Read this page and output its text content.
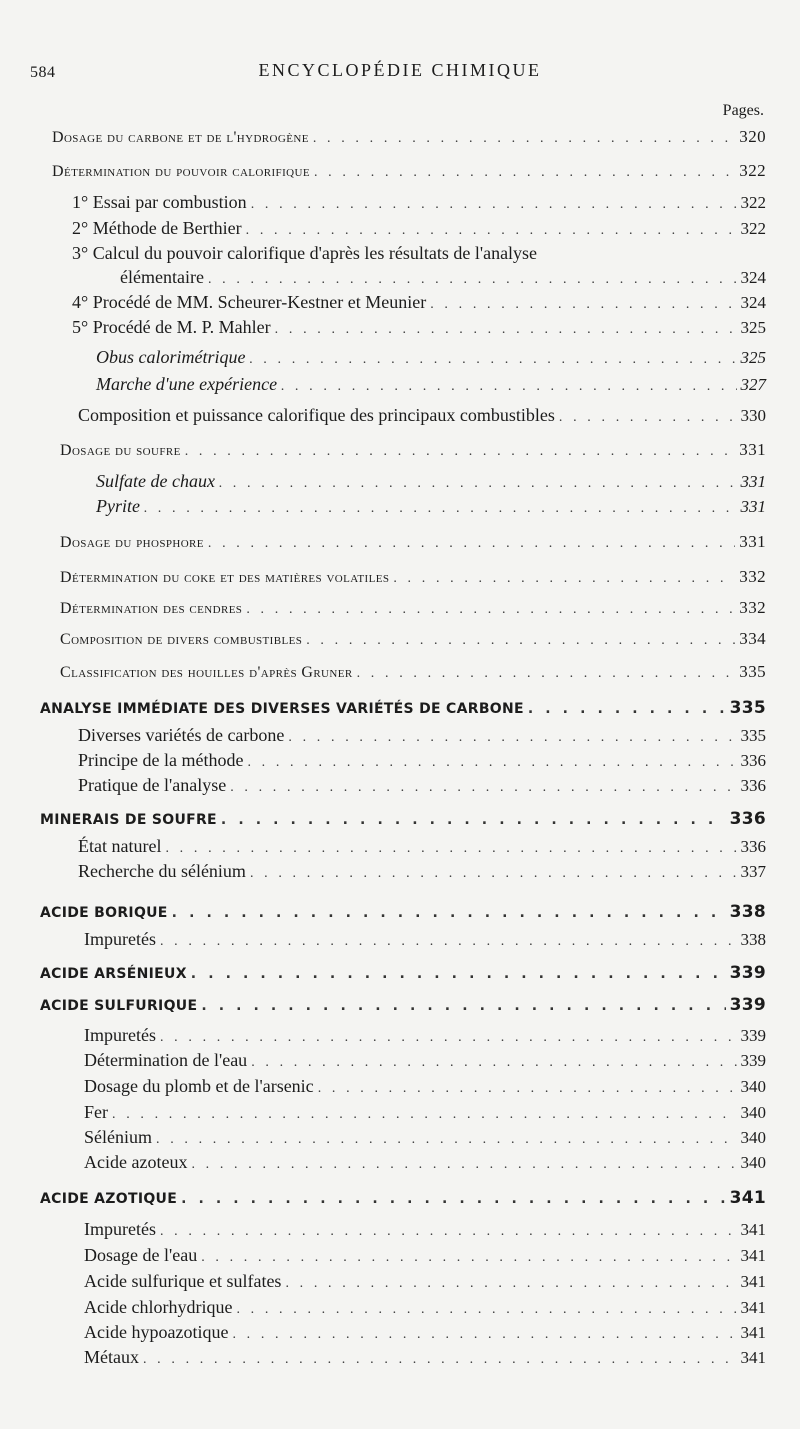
584	ENCYCLOPÉDIE CHIMIQUE
Pages.
Dosage du carbone et de l'hydrogène . . .	320
Détermination du pouvoir calorifique . . .	322
1° Essai par combustion . . .	322
2° Méthode de Berthier . . .	322
3° Calcul du pouvoir calorifique d'après les résultats de l'analyse
élémentaire . . .	324
4° Procédé de MM. Scheurer-Kestner et Meunier . . .	324
5° Procédé de M. P. Mahler . . .	325
Obus calorimétrique . . .	325
Marche d'une expérience . . .	327
Composition et puissance calorifique des principaux combustibles . . .	330
Dosage du soufre . . .	331
Sulfate de chaux . . .	331
Pyrite . . .	331
Dosage du phosphore . . .	331
Détermination du coke et des matières volatiles . . .	332
Détermination des cendres . . .	332
Composition de divers combustibles . . .	334
Classification des houilles d'après Gruner . . .	335
ANALYSE IMMÉDIATE DES DIVERSES VARIÉTÉS DE CARBONE . . .	335
Diverses variétés de carbone . . .	335
Principe de la méthode . . .	336
Pratique de l'analyse . . .	336
MINERAIS DE SOUFRE . . .	336
État naturel . . .	336
Recherche du sélénium . . .	337
ACIDE BORIQUE . . .	338
Impuretés . . .	338
ACIDE ARSÉNIEUX . . .	339
ACIDE SULFURIQUE . . .	339
Impuretés . . .	339
Détermination de l'eau . . .	339
Dosage du plomb et de l'arsenic . . .	340
Fer . . .	340
Sélénium . . .	340
Acide azoteux . . .	340
ACIDE AZOTIQUE . . .	341
Impuretés . . .	341
Dosage de l'eau . . .	341
Acide sulfurique et sulfates . . .	341
Acide chlorhydrique . . .	341
Acide hypoazotique . . .	341
Métaux . . .	341
